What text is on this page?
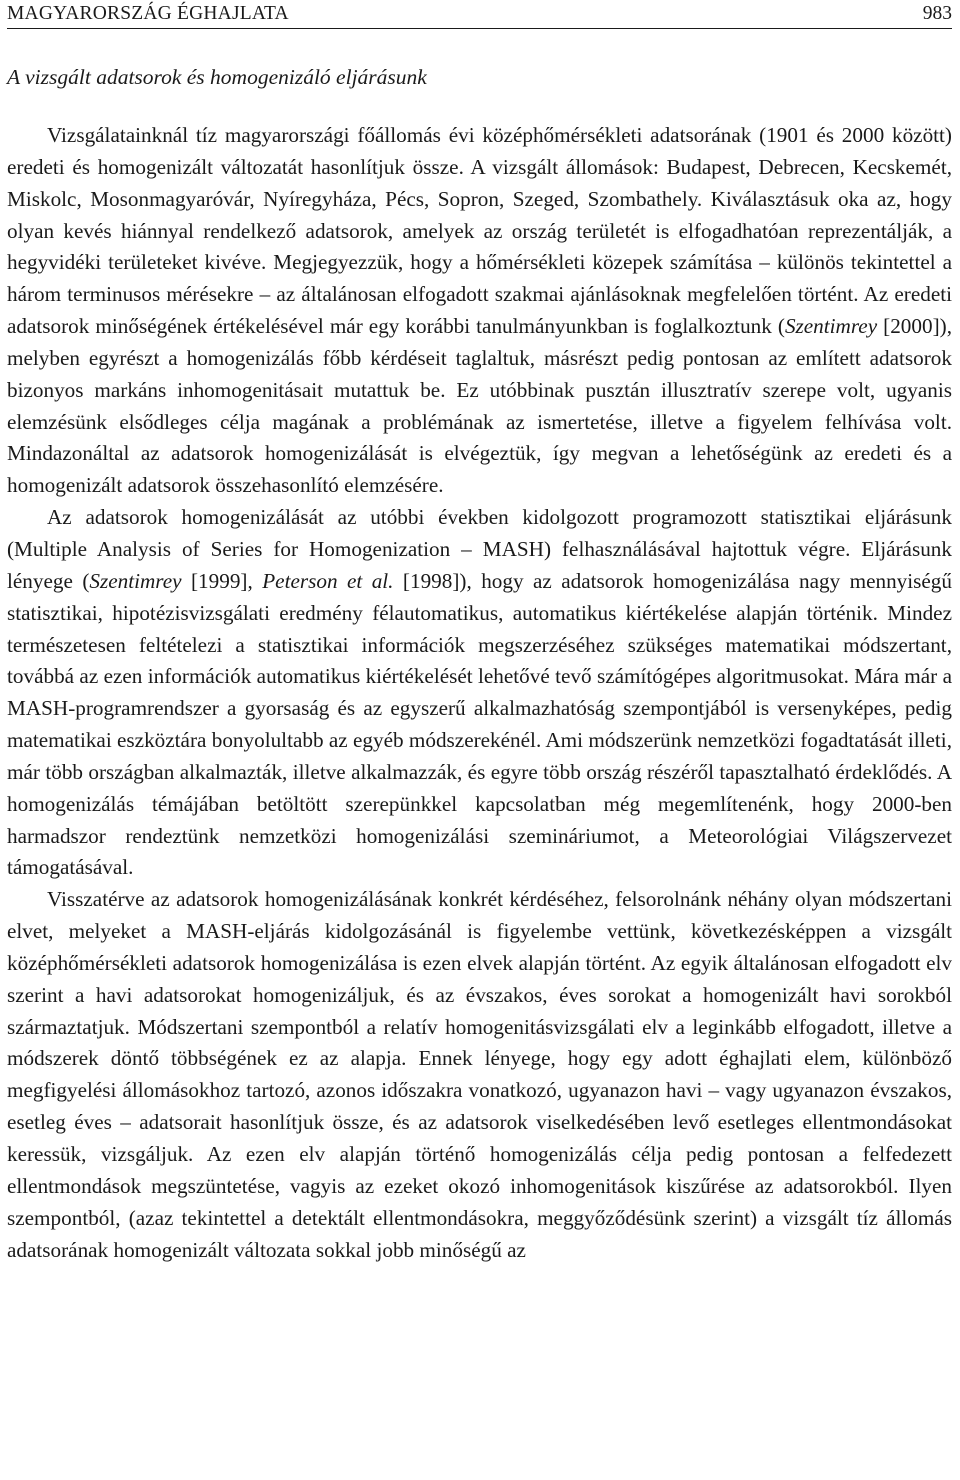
MAGYARORSZÁG ÉGHAJLATA	983
A vizsgált adatsorok és homogenizáló eljárásunk

Vizsgálatainknál tíz magyarországi főállomás évi középhőmérsékleti adatsorának (1901 és 2000 között) eredeti és homogenizált változatát hasonlítjuk össze. A vizsgált állomások: Budapest, Debrecen, Kecskemét, Miskolc, Mosonmagyaróvár, Nyíregyháza, Pécs, Sopron, Szeged, Szombathely. Kiválasztásuk oka az, hogy olyan kevés hiánnyal rendelkező adatsorok, amelyek az ország területét is elfogadhatóan reprezentálják, a hegyvidéki területeket kivéve. Megjegyezzük, hogy a hőmérsékleti közepek számítása – különös tekintettel a három terminusos mérésekre – az általánosan elfogadott szakmai ajánlásoknak megfelelően történt. Az eredeti adatsorok minőségének értékelésével már egy korábbi tanulmányunkban is foglalkoztunk (Szentimrey [2000]), melyben egyrészt a homogenizálás főbb kérdéseit taglaltuk, másrészt pedig pontosan az említett adatsorok bizonyos markáns inhomogenitásait mutattuk be. Ez utóbbinak pusztán illusztratív szerepe volt, ugyanis elemzésünk elsődleges célja magának a problémának az ismertetése, illetve a figyelem felhívása volt. Mindazonáltal az adatsorok homogenizálását is elvégeztük, így megvan a lehetőségünk az eredeti és a homogenizált adatsorok összehasonlító elemzésére.

Az adatsorok homogenizálását az utóbbi években kidolgozott programozott statisztikai eljárásunk (Multiple Analysis of Series for Homogenization – MASH) felhasználásával hajtottuk végre. Eljárásunk lényege (Szentimrey [1999], Peterson et al. [1998]), hogy az adatsorok homogenizálása nagy mennyiségű statisztikai, hipotézisvizsgálati eredmény félautomatikus, automatikus kiértékelése alapján történik. Mindez természetesen feltételezi a statisztikai információk megszerzéséhez szükséges matematikai módszertant, továbbá az ezen információk automatikus kiértékelését lehetővé tevő számítógépes algoritmusokat. Mára már a MASH-programrendszer a gyorsaság és az egyszerű alkalmazhatóság szempontjából is versenyképes, pedig matematikai eszköztára bonyolultabb az egyéb módszerekénél. Ami módszerünk nemzetközi fogadtatását illeti, már több országban alkalmazták, illetve alkalmazzák, és egyre több ország részéről tapasztalható érdeklődés. A homogenizálás témájában betöltött szerepünkkel kapcsolatban még megemlítenénk, hogy 2000-ben harmadszor rendeztünk nemzetközi homogenizálási szemináriumot, a Meteorológiai Világszervezet támogatásával.

Visszatérve az adatsorok homogenizálásának konkrét kérdéséhez, felsorolnánk néhány olyan módszertani elvet, melyeket a MASH-eljárás kidolgozásánál is figyelembe vettünk, következésképpen a vizsgált középhőmérsékleti adatsorok homogenizálása is ezen elvek alapján történt. Az egyik általánosan elfogadott elv szerint a havi adatsorokat homogenizáljuk, és az évszakos, éves sorokat a homogenizált havi sorokból származtatjuk. Módszertani szempontból a relatív homogenitásvizsgálati elv a leginkább elfogadott, illetve a módszerek döntő többségének ez az alapja. Ennek lényege, hogy egy adott éghajlati elem, különböző megfigyelési állomásokhoz tartozó, azonos időszakra vonatkozó, ugyanazon havi – vagy ugyanazon évszakos, esetleg éves – adatsorait hasonlítjuk össze, és az adatsorok viselkedésében levő esetleges ellentmondásokat keressük, vizsgáljuk. Az ezen elv alapján történő homogenizálás célja pedig pontosan a felfedezett ellentmondások megszüntetése, vagyis az ezeket okozó inhomogenitások kiszűrése az adatsorokból. Ilyen szempontból, (azaz tekintettel a detektált ellentmondásokra, meggyőződésünk szerint) a vizsgált tíz állomás adatsorának homogenizált változata sokkal jobb minőségű az
